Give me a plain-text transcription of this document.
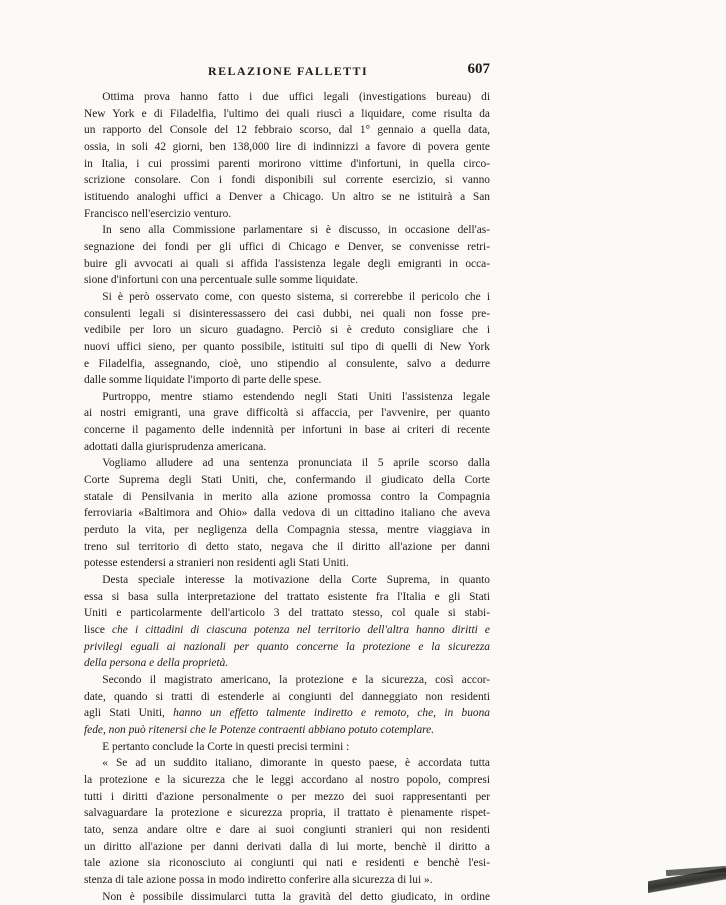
RELAZIONE FALLETTI	607
Ottima prova hanno fatto i due uffici legali (investigations bureau) di
New York e di Filadelfia, l'ultimo dei quali riuscì a liquidare, come risulta da
un rapporto del Console del 12 febbraio scorso, dal 1° gennaio a quella data,
ossia, in soli 42 giorni, ben 138,000 lire di indinnizzi a favore di povera gente
in Italia, i cui prossimi parenti morirono vittime d'infortuni, in quella circo-
scrizione consolare. Con i fondi disponibili sul corrente esercizio, si vanno
istituendo analoghi uffici a Denver a Chicago. Un altro se ne istituirà a San
Francisco nell'esercizio venturo.
In seno alla Commissione parlamentare si è discusso, in occasione dell'as-
segnazione dei fondi per gli uffici di Chicago e Denver, se convenisse retri-
buire gli avvocati ai quali si affida l'assistenza legale degli emigranti in occa-
sione d'infortuni con una percentuale sulle somme liquidate.
Si è però osservato come, con questo sistema, si correrebbe il pericolo che i
consulenti legali si disinteressassero dei casi dubbi, nei quali non fosse pre-
vedibile per loro un sicuro guadagno. Perciò si è creduto consigliare che i
nuovi uffici sieno, per quanto possibile, istituiti sul tipo di quelli di New York
e Filadelfia, assegnando, cioè, uno stipendio al consulente, salvo a dedurre
dalle somme liquidate l'importo di parte delle spese.
Purtroppo, mentre stiamo estendendo negli Stati Uniti l'assistenza legale
ai nostri emigranti, una grave difficoltà si affaccia, per l'avvenire, per quanto
concerne il pagamento delle indennità per infortuni in base ai criteri di recente
adottati dalla giurisprudenza americana.
Vogliamo alludere ad una sentenza pronunciata il 5 aprile scorso dalla
Corte Suprema degli Stati Uniti, che, confermando il giudicato della Corte
statale di Pensilvania in merito alla azione promossa contro la Compagnia
ferroviaria «Baltimora and Ohio» dalla vedova di un cittadino italiano che aveva
perduto la vita, per negligenza della Compagnia stessa, mentre viaggiava in
treno sul territorio di detto stato, negava che il diritto all'azione per danni
potesse estendersi a stranieri non residenti agli Stati Uniti.
Desta speciale interesse la motivazione della Corte Suprema, in quanto
essa si basa sulla interpretazione del trattato esistente fra l'Italia e gli Stati
Uniti e particolarmente dell'articolo 3 del trattato stesso, col quale si stabi-
lisce che i cittadini di ciascuna potenza nel territorio dell'altra hanno diritti e
privilegi eguali ai nazionali per quanto concerne la protezione e la sicurezza
della persona e della proprietà.
Secondo il magistrato americano, la protezione e la sicurezza, così accor-
date, quando si tratti di estenderle ai congiunti del danneggiato non residenti
agli Stati Uniti, hanno un effetto talmente indiretto e remoto, che, in buona
fede, non può ritenersi che le Potenze contraenti abbiano potuto cotemplare.
E pertanto conclude la Corte in questi precisi termini :
« Se ad un suddito italiano, dimorante in questo paese, è accordata tutta
la protezione e la sicurezza che le leggi accordano al nostro popolo, compresi
tutti i diritti d'azione personalmente o per mezzo dei suoi rappresentanti per
salvaguardare la protezione e sicurezza propria, il trattato è pienamente rispet-
tato, senza andare oltre e dare ai suoi congiunti stranieri qui non residenti
un diritto all'azione per danni derivati dalla di lui morte, benchè il diritto a
tale azione sia riconosciuto ai congiunti qui nati e residenti e benchè l'esi-
stenza di tale azione possa in modo indiretto conferire alla sicurezza di lui ».
Non è possibile dissimularci tutta la gravità del detto giudicato, in ordine
